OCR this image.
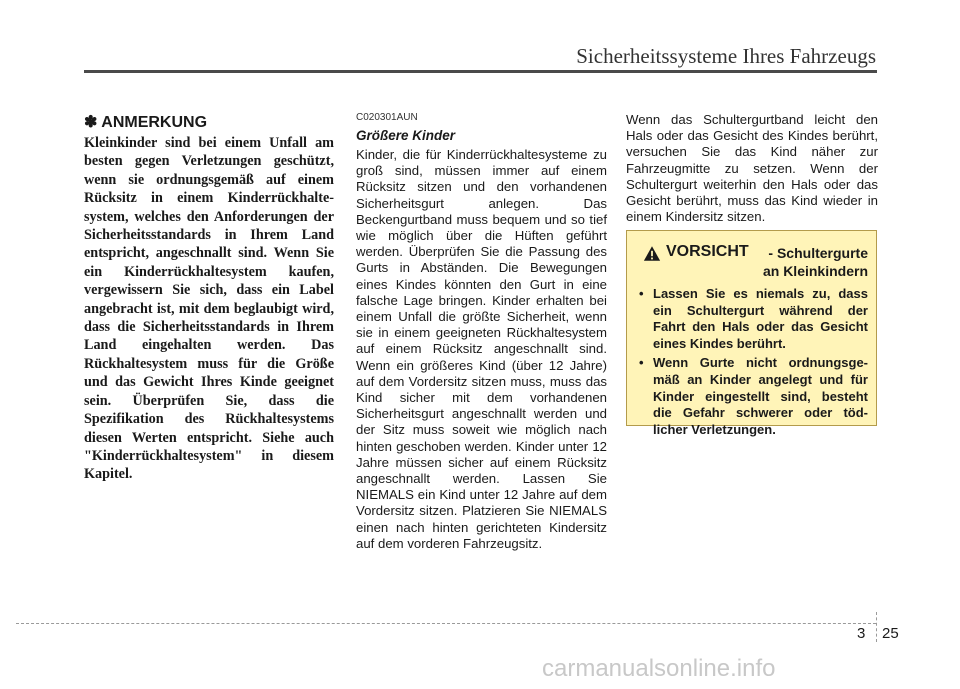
Sicherheitssysteme Ihres Fahrzeugs
✽ ANMERKUNG
Kleinkinder sind bei einem Unfall am besten gegen Verletzungen geschützt, wenn sie ordnungsgemäß auf einem Rücksitz in einem Kinderrückhalte-system, welches den Anforderungen der Sicherheitsstandards in Ihrem Land entspricht, angeschnallt sind. Wenn Sie ein Kinderrückhaltesystem kaufen, vergewissern Sie sich, dass ein Label angebracht ist, mit dem beglaubigt wird, dass die Sicherheitsstandards in Ihrem Land eingehalten werden. Das Rückhaltesystem muss für die Größe und das Gewicht Ihres Kinde geeignet sein. Überprüfen Sie, dass die Spezifikation des Rückhaltesystems diesen Werten entspricht. Siehe auch "Kinderrückhaltesystem" in diesem Kapitel.
C020301AUN
Größere Kinder
Kinder, die für Kinderrückhaltesysteme zu groß sind, müssen immer auf einem Rücksitz sitzen und den vorhandenen Sicherheitsgurt anlegen. Das Beckengurtband muss bequem und so tief wie möglich über die Hüften geführt werden. Überprüfen Sie die Passung des Gurts in Abständen. Die Bewegungen eines Kindes könnten den Gurt in eine falsche Lage bringen. Kinder erhalten bei einem Unfall die größte Sicherheit, wenn sie in einem geeigneten Rückhaltesystem auf einem Rücksitz angeschnallt sind. Wenn ein größeres Kind (über 12 Jahre) auf dem Vordersitz sitzen muss, muss das Kind sicher mit dem vorhandenen Sicherheitsgurt angeschnallt werden und der Sitz muss soweit wie möglich nach hinten geschoben werden. Kinder unter 12 Jahre müssen sicher auf einem Rücksitz angeschnallt werden. Lassen Sie NIEMALS ein Kind unter 12 Jahre auf dem Vordersitz sitzen. Platzieren Sie NIEMALS einen nach hinten gerichteten Kindersitz auf dem vorderen Fahrzeugsitz.
Wenn das Schultergurtband leicht den Hals oder das Gesicht des Kindes berührt, versuchen Sie das Kind näher zur Fahrzeugmitte zu setzen. Wenn der Schultergurt weiterhin den Hals oder das Gesicht berührt, muss das Kind wieder in einem Kindersitz sitzen.
VORSICHT	- Schultergurte
an Kleinkindern
• Lassen Sie es niemals zu, dass ein Schultergurt während der Fahrt den Hals oder das Gesicht eines Kindes berührt.
• Wenn Gurte nicht ordnungsge-mäß an Kinder angelegt und für Kinder eingestellt sind, besteht die Gefahr schwerer oder töd-licher Verletzungen.
3 25
carmanualsonline.info
